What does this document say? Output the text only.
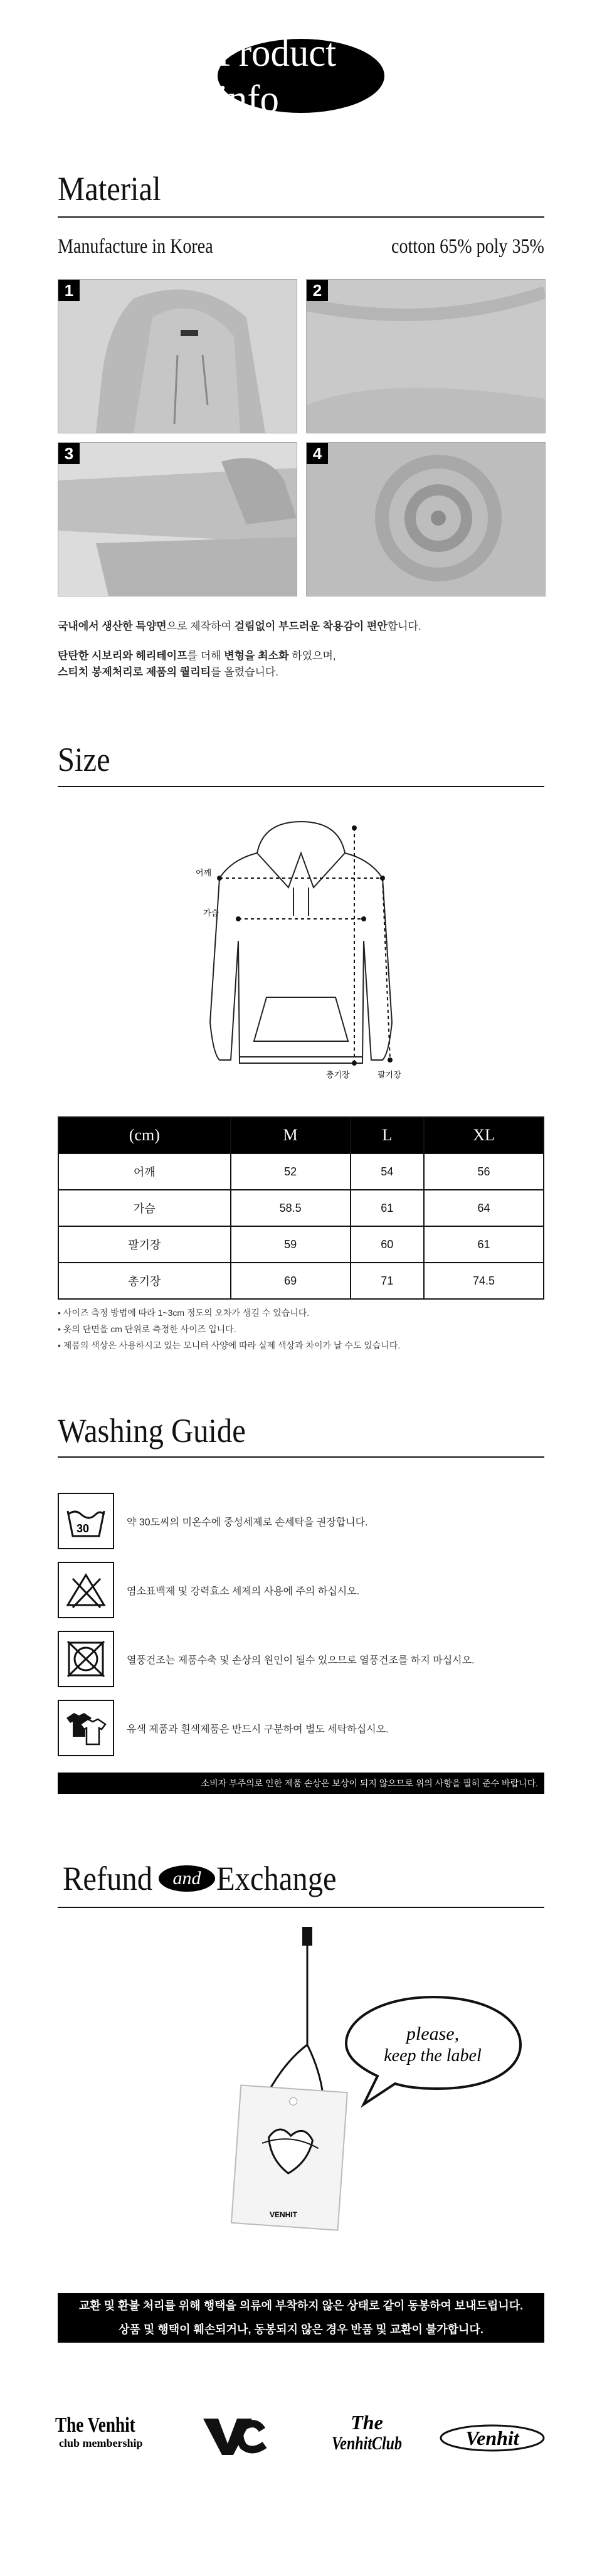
Product info
Material
Manufacture in Korea	cotton 65% poly 35%
1	2
3	4
국내에서 생산한 특양면으로 제작하여 걸림없이 부드러운 착용감이 편안합니다.
탄탄한 시보리와 헤리테이프를 더해 변형을 최소화 하였으며,
스티치 봉제처리로 제품의 퀄리티를 올렸습니다.
Size
어깨
가슴
총기장	팔기장
(cm)	M	L	XL
어깨	52	54	56
가슴	58.5	61	64
팔기장	59	60	61
총기장	69	71	74.5
• 사이즈 측정 방법에 따라 1~3cm 정도의 오차가 생길 수 있습니다.
• 옷의 단면을 cm 단위로 측정한 사이즈 입니다.
• 제품의 색상은 사용하시고 있는 모니터 사양에 따라 실제 색상과 차이가 날 수도 있습니다.
Washing Guide
30	약 30도씨의 미온수에 중성세제로 손세탁을 권장합니다.
염소표백제 및 강력효소 세제의 사용에 주의 하십시오.
열풍건조는 제품수축 및 손상의 원인이 될수 있으므로 열풍건조를 하지 마십시오.
유색 제품과 흰색제품은 반드시 구분하여 별도 세탁하십시오.
소비자 부주의로 인한 제품 손상은 보상이 되지 않으므로 위의 사항을 필히 준수 바랍니다.
Refund	and Exchange
VENHIT
please,
keep the label
교환 및 환불 처리를 위해 행택을 의류에 부착하지 않은 상태로 같이 동봉하여 보내드립니다.
상품 및 행택이 훼손되거나, 동봉되지 않은 경우 반품 및 교환이 불가합니다.
The Venhit
club membership
The
VenhitClub	Venhit
